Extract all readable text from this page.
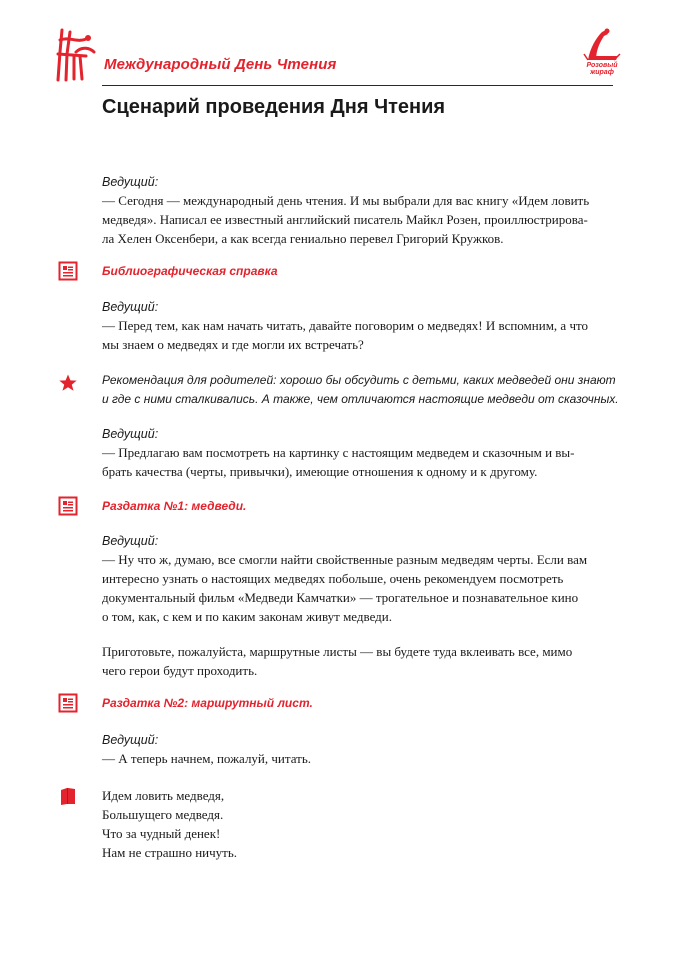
Международный День Чтения	Розовый жираф
Сценарий проведения Дня Чтения
Ведущий:
— Сегодня — международный день чтения. И мы выбрали для вас книгу «Идем ловить
медведя». Написал ее известный английский писатель Майкл Розен, проиллюстрирова-
ла Хелен Оксенбери, а как всегда гениально перевел Григорий Кружков.
Библиографическая справка
Ведущий:
— Перед тем, как нам начать читать, давайте поговорим о медведях! И вспомним, а что
мы знаем о медведях и где могли их встречать?
Рекомендация для родителей: хорошо бы обсудить с детьми, каких медведей они знают
и где с ними сталкивались. А также, чем отличаются настоящие медведи от сказочных.
Ведущий:
— Предлагаю вам посмотреть на картинку с настоящим медведем и сказочным и вы-
брать качества (черты, привычки), имеющие отношения к одному и к другому.
Раздатка №1: медведи.
Ведущий:
— Ну что ж, думаю, все смогли найти свойственные разным медведям черты. Если вам
интересно узнать о настоящих медведях побольше, очень рекомендуем посмотреть
документальный фильм «Медведи Камчатки» — трогательное и познавательное кино
о том, как, с кем и по каким законам живут медведи.
Приготовьте, пожалуйста, маршрутные листы — вы будете туда вклеивать все, мимо
чего герои будут проходить.
Раздатка №2: маршрутный лист.
Ведущий:
— А теперь начнем, пожалуй, читать.
Идем ловить медведя,
Большущего медведя.
Что за чудный денек!
Нам не страшно ничуть.
